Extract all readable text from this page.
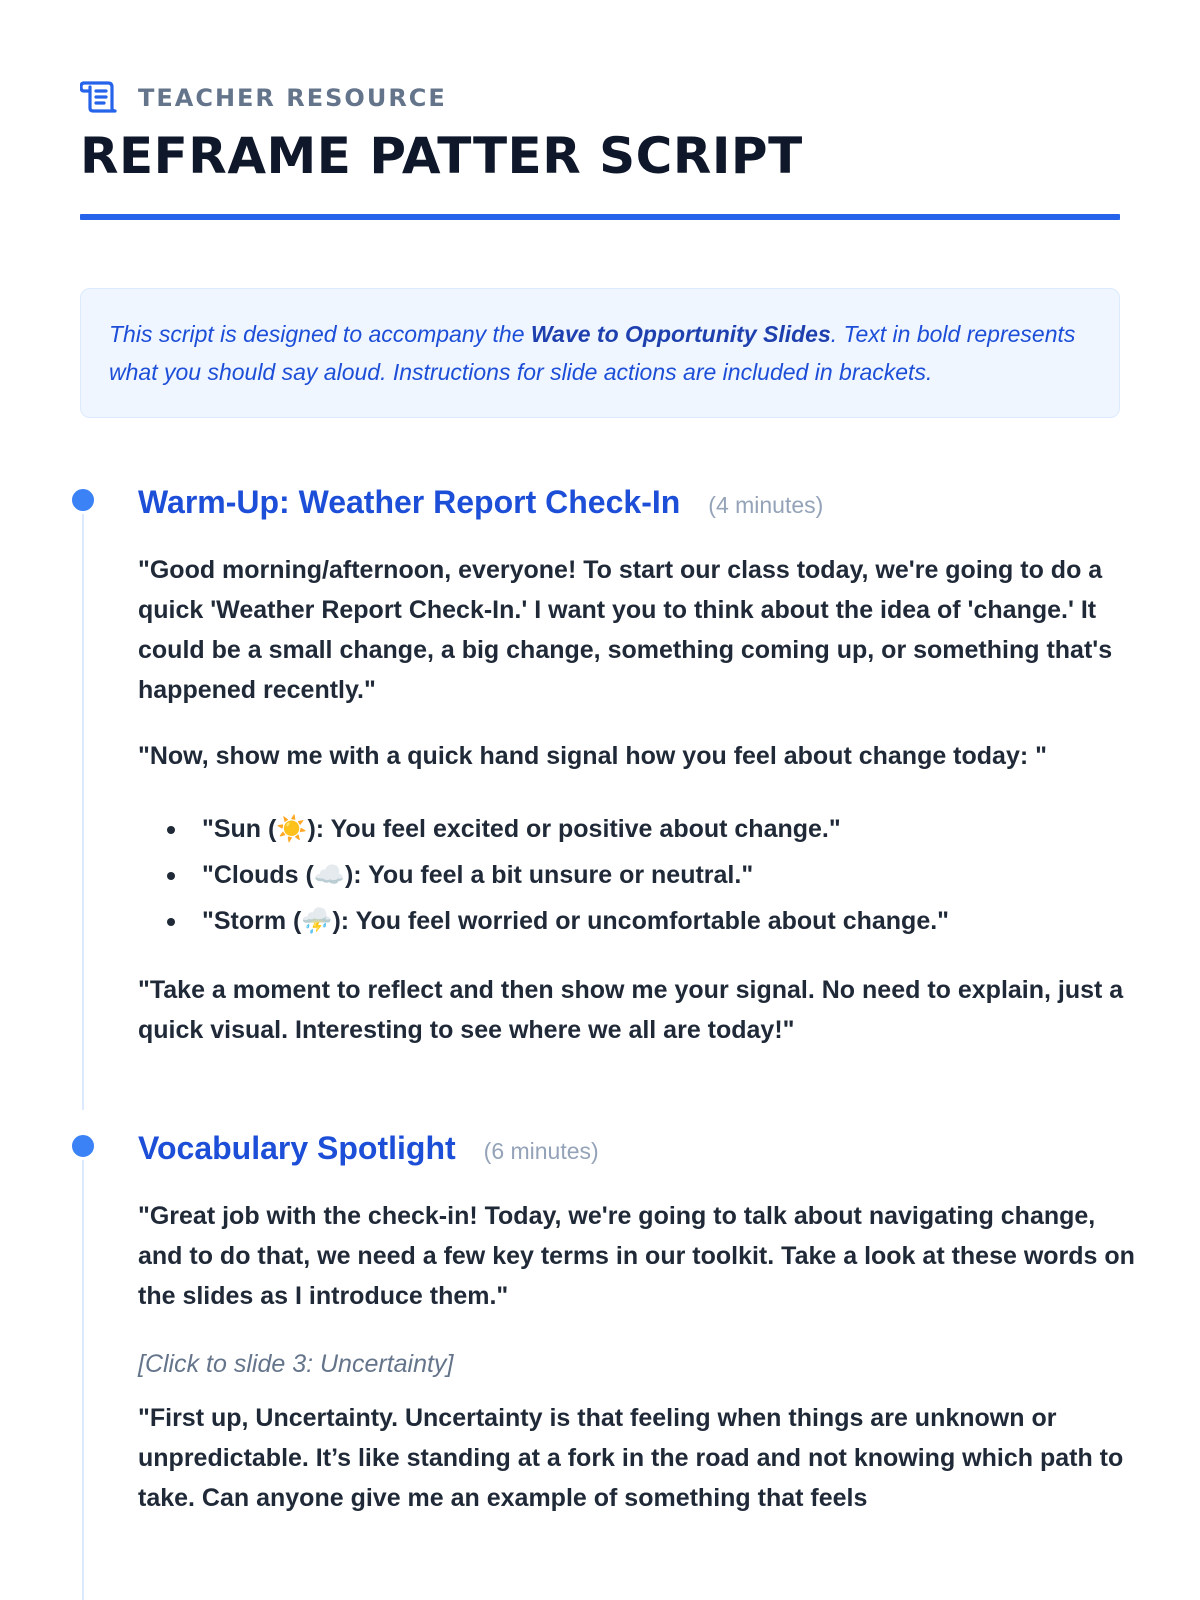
TEACHER RESOURCE
REFRAME PATTER SCRIPT
This script is designed to accompany the Wave to Opportunity Slides. Text in bold represents what you should say aloud. Instructions for slide actions are included in brackets.
Warm-Up: Weather Report Check-In (4 minutes)

"Good morning/afternoon, everyone! To start our class today, we're going to do a quick 'Weather Report Check-In.' I want you to think about the idea of 'change.' It could be a small change, a big change, something coming up, or something that's happened recently."

"Now, show me with a quick hand signal how you feel about change today: "

"Sun (☀️): You feel excited or positive about change."
"Clouds (☁️): You feel a bit unsure or neutral."
"Storm (⛈️): You feel worried or uncomfortable about change."

"Take a moment to reflect and then show me your signal. No need to explain, just a quick visual. Interesting to see where we all are today!"

Vocabulary Spotlight (6 minutes)

"Great job with the check-in! Today, we're going to talk about navigating change, and to do that, we need a few key terms in our toolkit. Take a look at these words on the slides as I introduce them."

[Click to slide 3: Uncertainty]

"First up, Uncertainty. Uncertainty is that feeling when things are unknown or unpredictable. It’s like standing at a fork in the road and not knowing which path to take. Can anyone give me an example of something that feels
